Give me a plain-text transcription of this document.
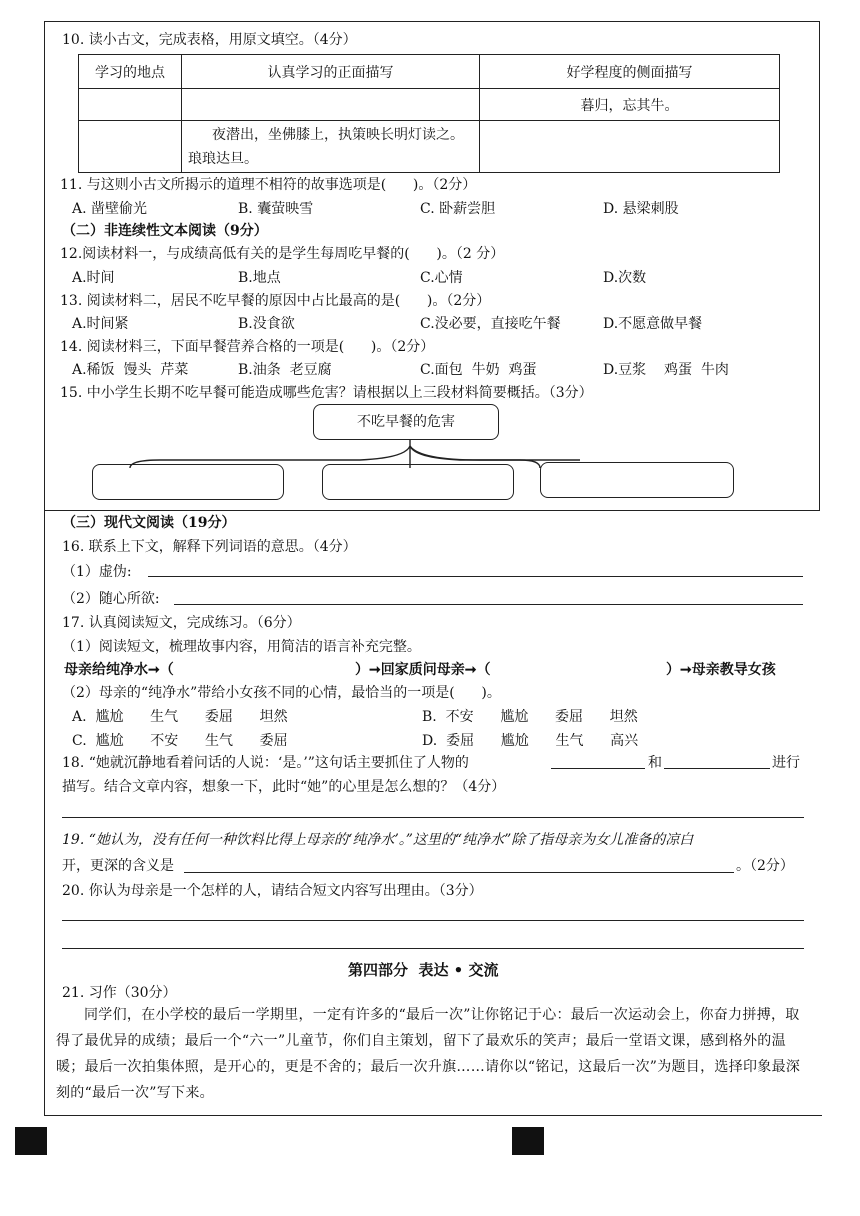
10. 读小古文，完成表格，用原文填空。（4分）
学习的地点	认真学习的正面描写	好学程度的侧面描写
		暮归，忘其牛。

	夜潜出，坐佛膝上，执策映长明灯读之。
琅琅达旦。	

11. 与这则小古文所揭示的道理不相符的故事选项是(      )。（2分）
A. 凿壁偷光	B. 囊萤映雪	C. 卧薪尝胆	D. 悬梁刺股
（二）非连续性文本阅读（9分）
12.阅读材料一，与成绩高低有关的是学生每周吃早餐的(      )。（2 分）
A.时间	B.地点	C.心情	D.次数
13. 阅读材料二，居民不吃早餐的原因中占比最高的是(      )。（2分）
A.时间紧	B.没食欲	C.没必要，直接吃午餐	D.不愿意做早餐
14. 阅读材料三，下面早餐营养合格的一项是(      )。（2分）
A.稀饭  馒头  芹菜	B.油条  老豆腐	C.面包  牛奶  鸡蛋	D.豆浆    鸡蛋  牛肉
15. 中小学生长期不吃早餐可能造成哪些危害？请根据以上三段材料简要概括。（3分）
不吃早餐的危害
（三）现代文阅读（19分）
16. 联系上下文，解释下列词语的意思。（4分）
（1）虚伪:
（2）随心所欲:
17. 认真阅读短文，完成练习。（6分）
（1）阅读短文，梳理故事内容，用简洁的语言补充完整。
母亲给纯净水➞（	）➞回家质问母亲➞（	）➞母亲教导女孩
（2）母亲的“纯净水”带给小女孩不同的心情，最恰当的一项是(      )。
A.  尴尬      生气      委屈      坦然	B.  不安      尴尬      委屈      坦然
C.  尴尬      不安      生气      委屈	D.  委屈      尴尬      生气      高兴
18. “她就沉静地看着问话的人说：‘是。’”这句话主要抓住了人物的	和	进行
描写。结合文章内容，想象一下，此时“她”的心里是怎么想的？（4分）
19. “她认为，没有任何一种饮料比得上母亲的‘纯净水’。”这里的“纯净水”除了指母亲为女儿准备的凉白
开，更深的含义是	。（2分）
20. 你认为母亲是一个怎样的人，请结合短文内容写出理由。（3分）
第四部分  表达 • 交流
21. 习作（30分）
同学们，在小学校的最后一学期里，一定有许多的“最后一次”让你铭记于心：最后一次运动会上，你奋力拼搏，取得了最优异的成绩；最后一个“六一”儿童节，你们自主策划，留下了最欢乐的笑声；最后一堂语文课，感到格外的温暖；最后一次拍集体照，是开心的，更是不舍的；最后一次升旗……请你以“铭记，这最后一次”为题目，选择印象最深刻的“最后一次”写下来。
